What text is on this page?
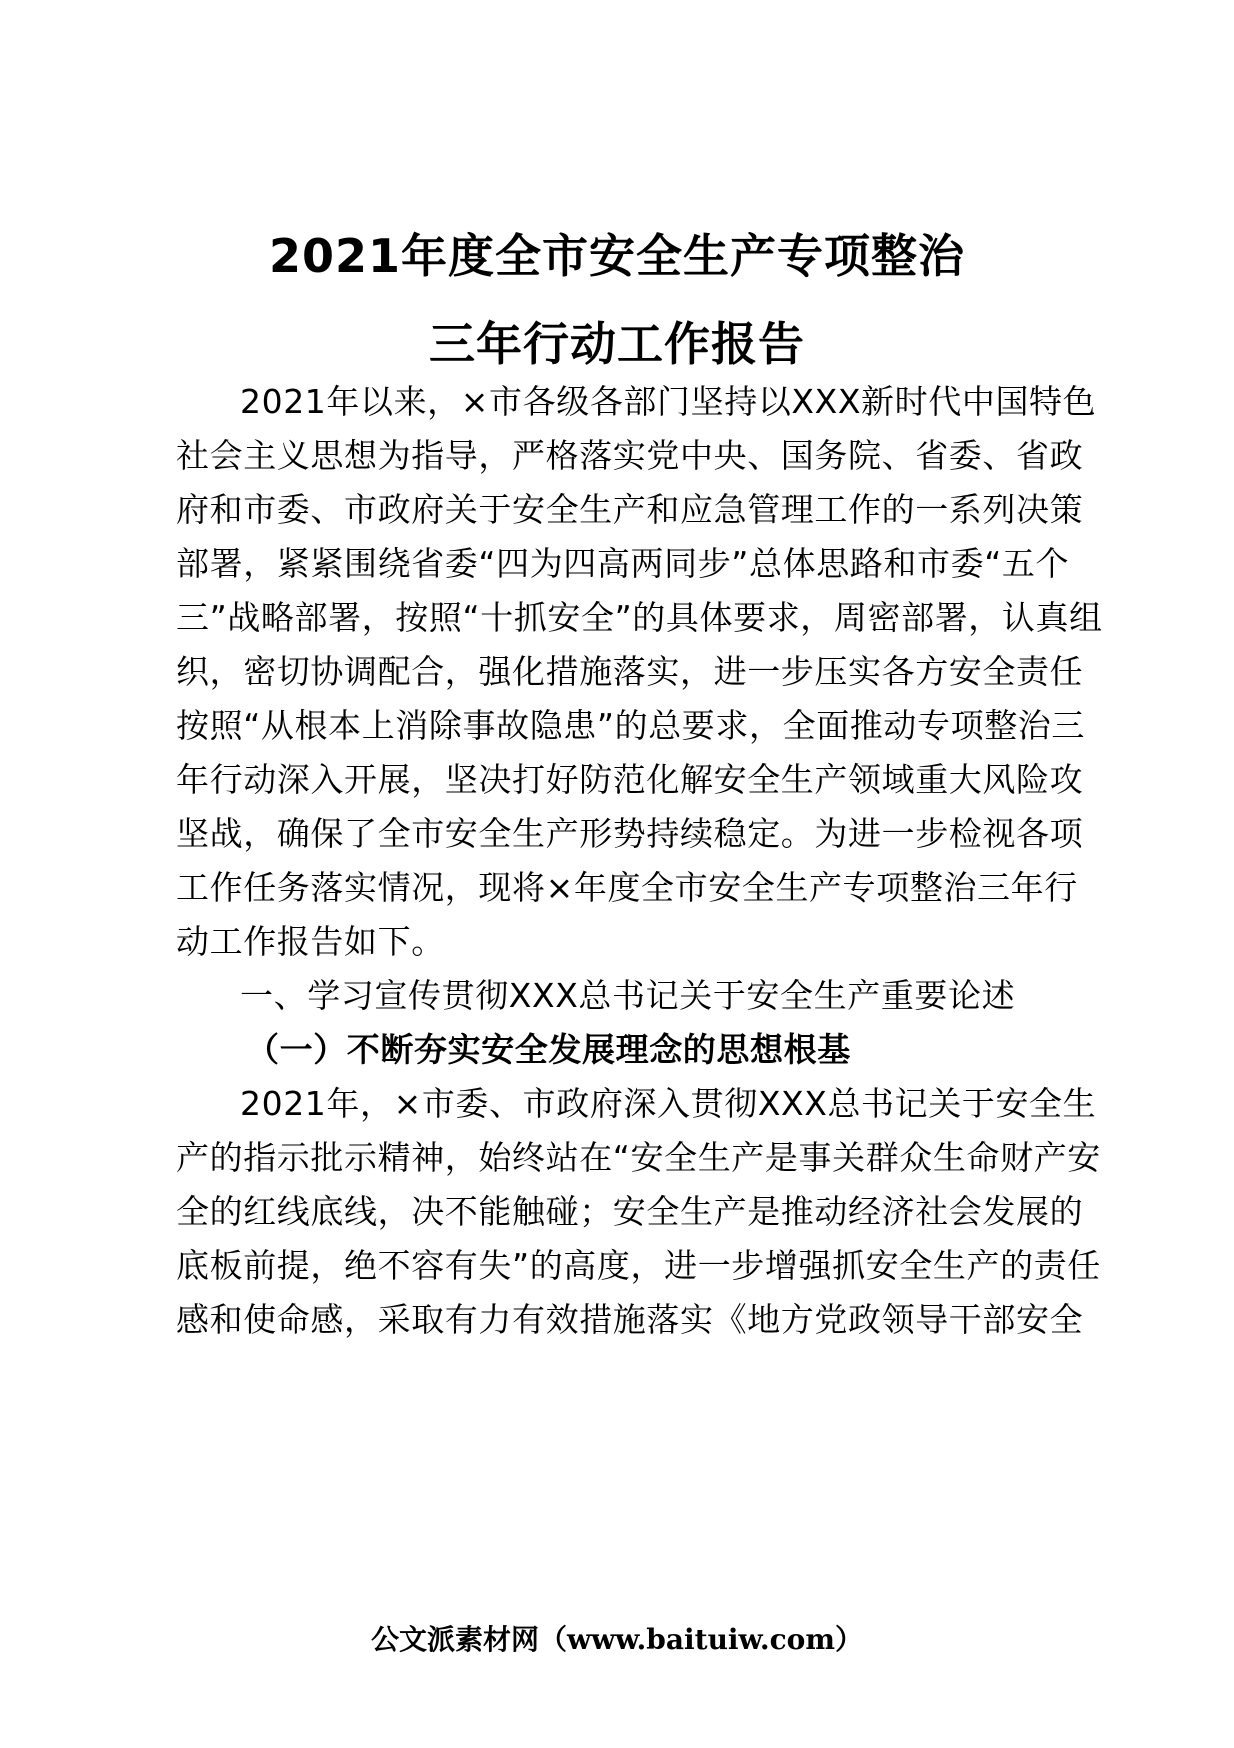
2021年度全市安全生产专项整治
三年行动工作报告
2021年以来，×市各级各部门坚持以XXX新时代中国特色
社会主义思想为指导，严格落实党中央、国务院、省委、省政
府和市委、市政府关于安全生产和应急管理工作的一系列决策
部署，紧紧围绕省委“四为四高两同步”总体思路和市委“五个
三”战略部署，按照“十抓安全”的具体要求，周密部署，认真组
织，密切协调配合，强化措施落实，进一步压实各方安全责任
按照“从根本上消除事故隐患”的总要求，全面推动专项整治三
年行动深入开展，坚决打好防范化解安全生产领域重大风险攻
坚战，确保了全市安全生产形势持续稳定。为进一步检视各项
工作任务落实情况，现将×年度全市安全生产专项整治三年行
动工作报告如下。
一、学习宣传贯彻XXX总书记关于安全生产重要论述
（一）不断夯实安全发展理念的思想根基
2021年，×市委、市政府深入贯彻XXX总书记关于安全生
产的指示批示精神，始终站在“安全生产是事关群众生命财产安
全的红线底线，决不能触碰；安全生产是推动经济社会发展的
底板前提，绝不容有失”的高度，进一步增强抓安全生产的责任
感和使命感，采取有力有效措施落实《地方党政领导干部安全
公文派素材网（www.baituiw.com）
